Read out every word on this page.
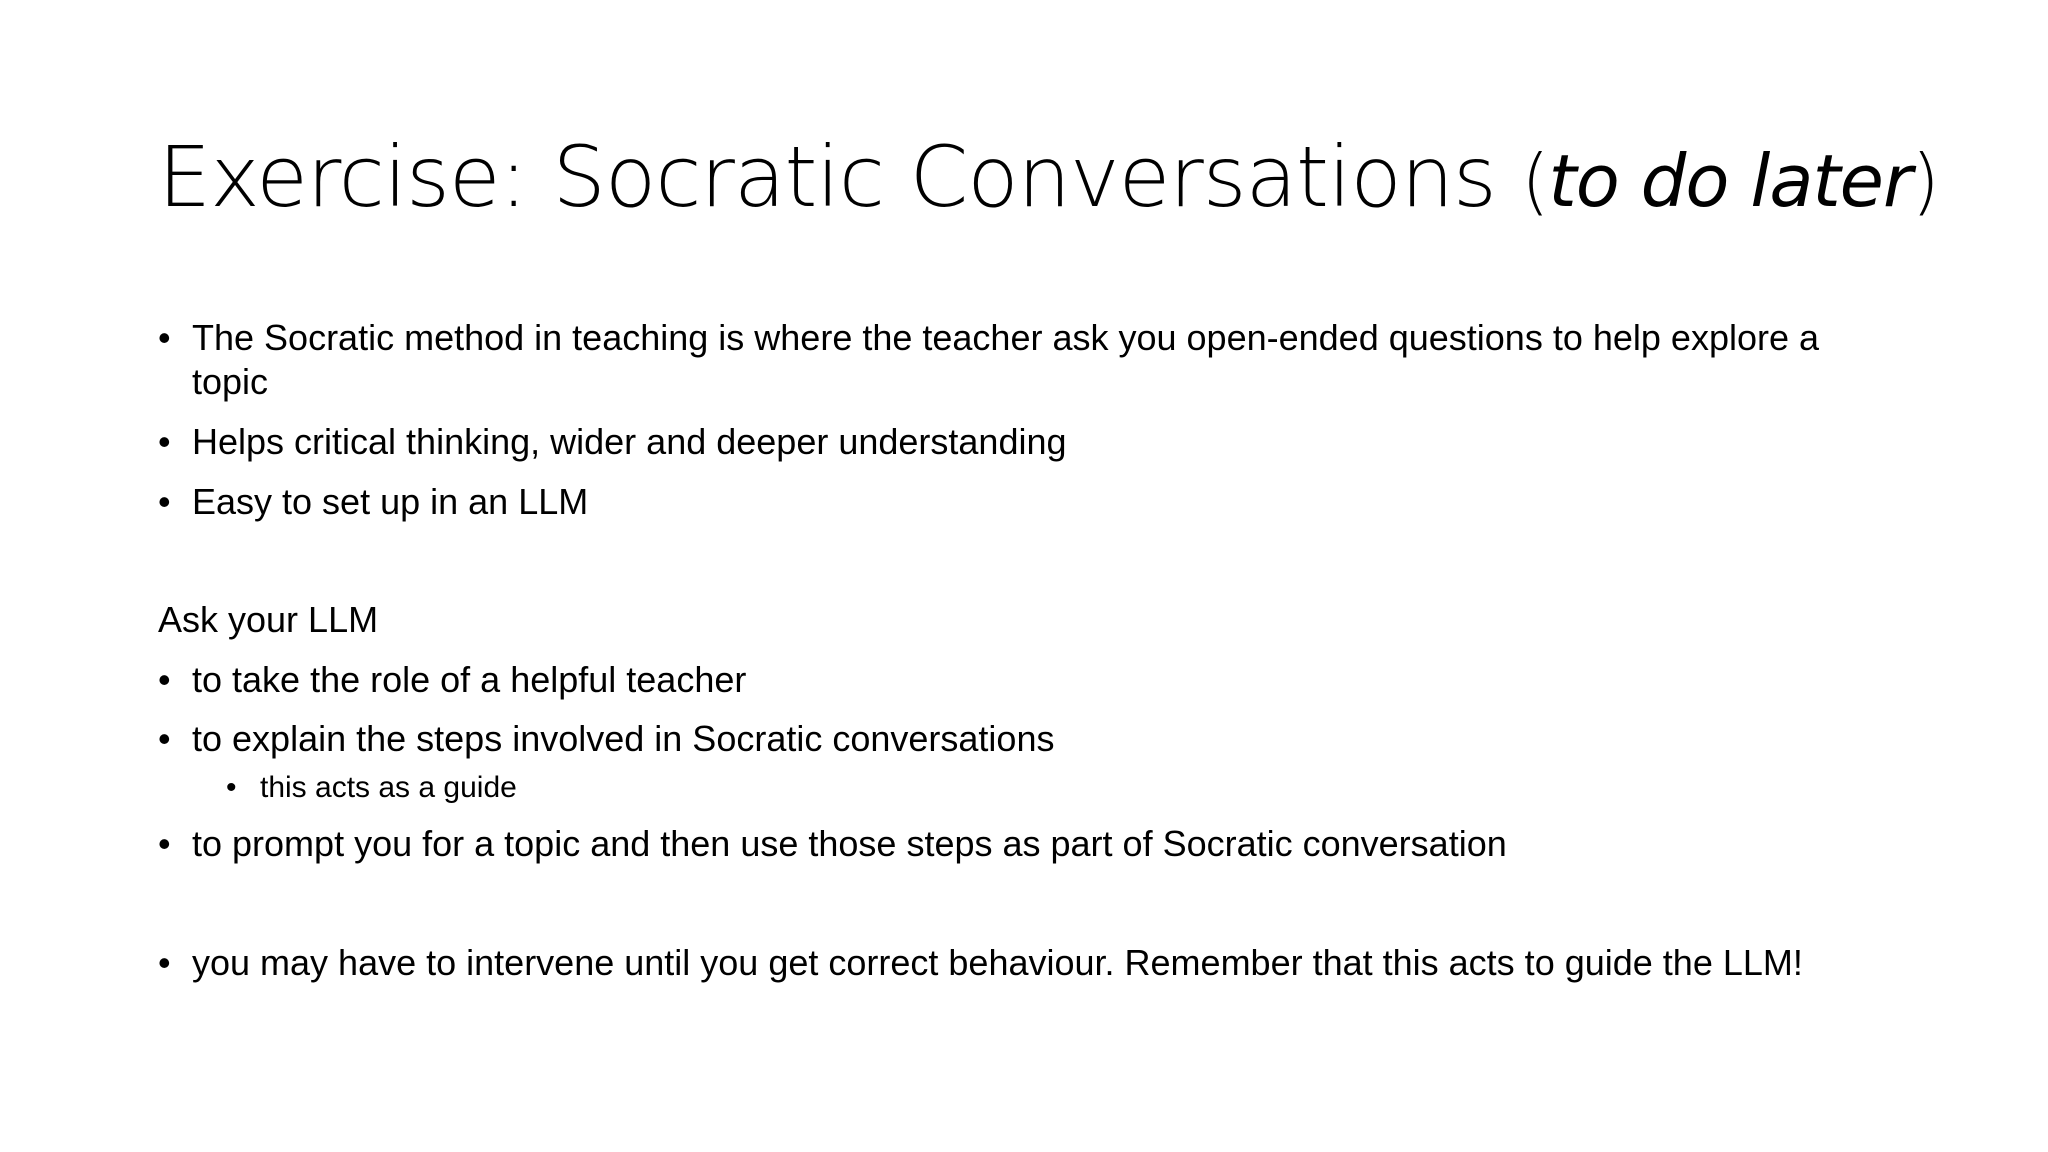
Exercise: Socratic Conversations (to do later)
• The Socratic method in teaching is where the teacher ask you open-ended questions to help explore a
topic
• Helps critical thinking, wider and deeper understanding
• Easy to set up in an LLM
Ask your LLM
• to take the role of a helpful teacher
• to explain the steps involved in Socratic conversations
• this acts as a guide
• to prompt you for a topic and then use those steps as part of Socratic conversation
• you may have to intervene until you get correct behaviour. Remember that this acts to guide the LLM!
